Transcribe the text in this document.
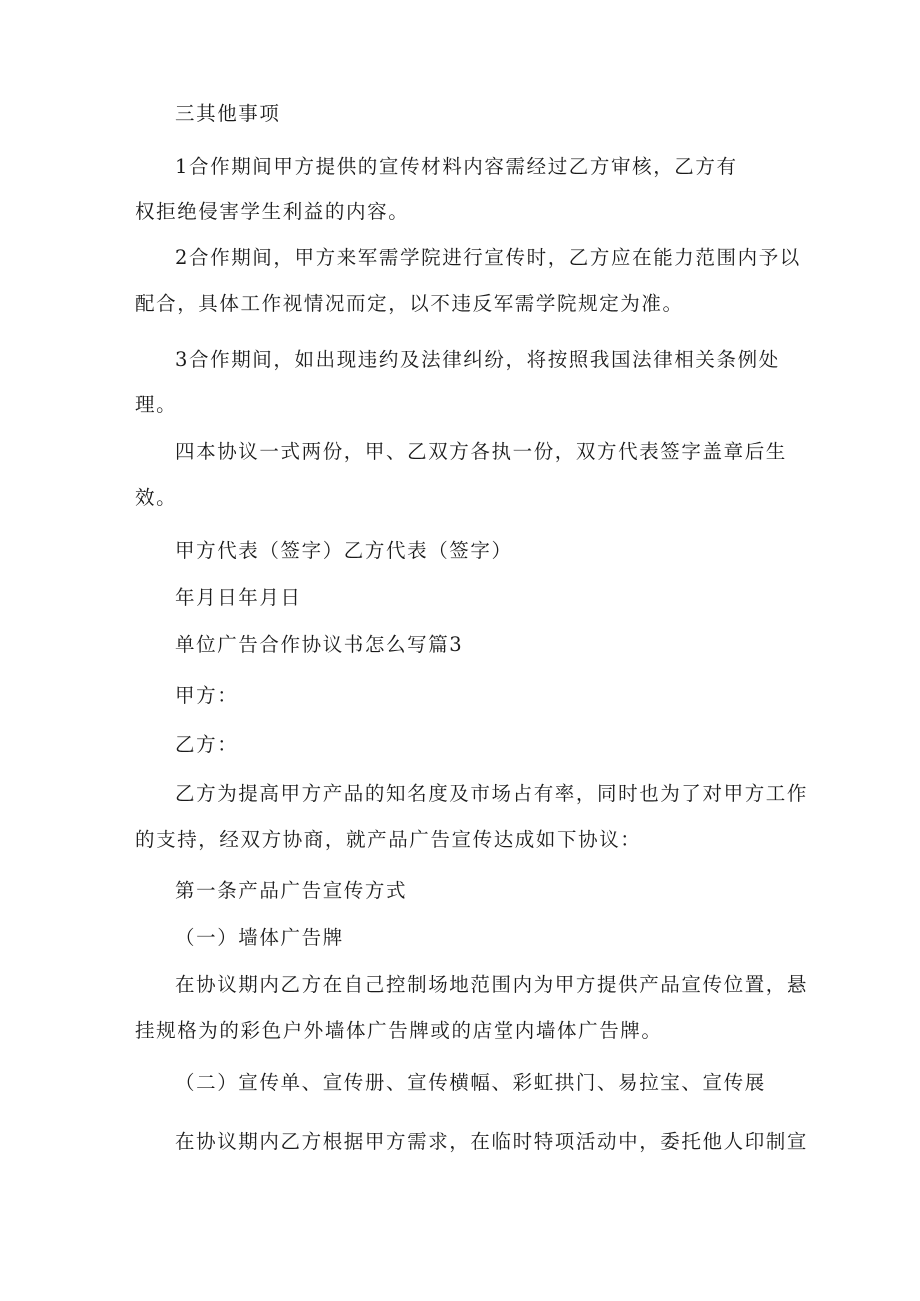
三其他事项
1合作期间甲方提供的宣传材料内容需经过乙方审核，乙方有
权拒绝侵害学生利益的内容。
2合作期间，甲方来军需学院进行宣传时，乙方应在能力范围内予以
配合，具体工作视情况而定，以不违反军需学院规定为准。
3合作期间，如出现违约及法律纠纷，将按照我国法律相关条例处
理。
四本协议一式两份，甲、乙双方各执一份，双方代表签字盖章后生
效。
甲方代表（签字）乙方代表（签字）
年月日年月日
单位广告合作协议书怎么写篇3
甲方：
乙方：
乙方为提高甲方产品的知名度及市场占有率，同时也为了对甲方工作
的支持，经双方协商，就产品广告宣传达成如下协议：
第一条产品广告宣传方式
（一）墙体广告牌
在协议期内乙方在自己控制场地范围内为甲方提供产品宣传位置，悬
挂规格为的彩色户外墙体广告牌或的店堂内墙体广告牌。
（二）宣传单、宣传册、宣传横幅、彩虹拱门、易拉宝、宣传展
在协议期内乙方根据甲方需求，在临时特项活动中，委托他人印制宣
